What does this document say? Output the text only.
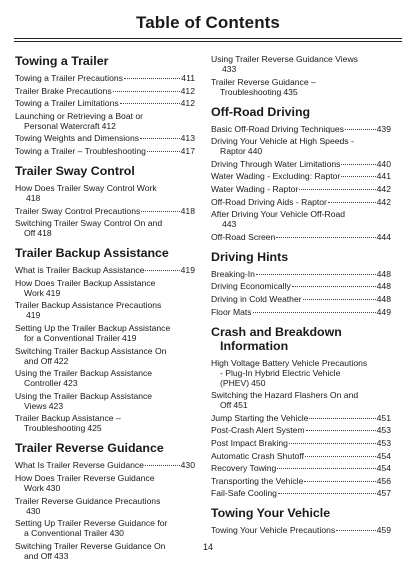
Table of Contents
Towing a Trailer
Towing a Trailer Precautions	411
Trailer Brake Precautions	412
Towing a Trailer Limitations	412
Launching or Retrieving a Boat or
Personal Watercraft 412
Towing Weights and Dimensions	413
Towing a Trailer – Troubleshooting	417
Trailer Sway Control
How Does Trailer Sway Control Work
418
Trailer Sway Control Precautions	418
Switching Trailer Sway Control On and
Off 418
Trailer Backup Assistance
What is Trailer Backup Assistance	419
How Does Trailer Backup Assistance
Work 419
Trailer Backup Assistance Precautions
419
Setting Up the Trailer Backup Assistance
for a Conventional Trailer 419
Switching Trailer Backup Assistance On
and Off 422
Using the Trailer Backup Assistance
Controller 423
Using the Trailer Backup Assistance
Views 423
Trailer Backup Assistance –
Troubleshooting 425
Trailer Reverse Guidance
What Is Trailer Reverse Guidance	430
How Does Trailer Reverse Guidance
Work 430
Trailer Reverse Guidance Precautions
430
Setting Up Trailer Reverse Guidance for
a Conventional Trailer 430
Switching Trailer Reverse Guidance On
and Off 433
Using Trailer Reverse Guidance Views
433
Trailer Reverse Guidance –
Troubleshooting 435
Off-Road Driving
Basic Off-Road Driving Techniques	439
Driving Your Vehicle at High Speeds -
Raptor 440
Driving Through Water Limitations	440
Water Wading - Excluding: Raptor	441
Water Wading - Raptor	442
Off-Road Driving Aids - Raptor	442
After Driving Your Vehicle Off-Road
443
Off-Road Screen	444
Driving Hints
Breaking-In	448
Driving Economically	448
Driving in Cold Weather	448
Floor Mats	449
Crash and Breakdown
Information
High Voltage Battery Vehicle Precautions
- Plug-In Hybrid Electric Vehicle
(PHEV) 450
Switching the Hazard Flashers On and
Off 451
Jump Starting the Vehicle	451
Post-Crash Alert System	453
Post Impact Braking	453
Automatic Crash Shutoff	454
Recovery Towing	454
Transporting the Vehicle	456
Fail-Safe Cooling	457
Towing Your Vehicle
Towing Your Vehicle Precautions	459
14
